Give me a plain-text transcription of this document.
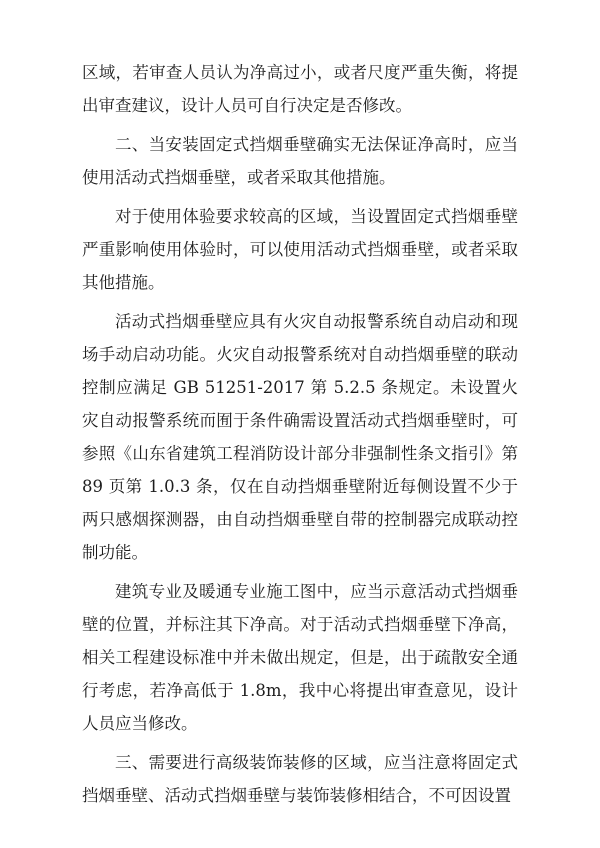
区域，若审查人员认为净高过小，或者尺度严重失衡，将提出审查建议，设计人员可自行决定是否修改。

二、当安装固定式挡烟垂壁确实无法保证净高时，应当使用活动式挡烟垂壁，或者采取其他措施。

对于使用体验要求较高的区域，当设置固定式挡烟垂壁严重影响使用体验时，可以使用活动式挡烟垂壁，或者采取其他措施。

活动式挡烟垂壁应具有火灾自动报警系统自动启动和现场手动启动功能。火灾自动报警系统对自动挡烟垂壁的联动控制应满足 GB 51251-2017 第 5.2.5 条规定。未设置火灾自动报警系统而囿于条件确需设置活动式挡烟垂壁时，可参照《山东省建筑工程消防设计部分非强制性条文指引》第 89 页第 1.0.3 条，仅在自动挡烟垂壁附近每侧设置不少于两只感烟探测器，由自动挡烟垂壁自带的控制器完成联动控制功能。

建筑专业及暖通专业施工图中，应当示意活动式挡烟垂壁的位置，并标注其下净高。对于活动式挡烟垂壁下净高，相关工程建设标准中并未做出规定，但是，出于疏散安全通行考虑，若净高低于 1.8m，我中心将提出审查意见，设计人员应当修改。

三、需要进行高级装饰装修的区域，应当注意将固定式挡烟垂壁、活动式挡烟垂壁与装饰装修相结合，不可因设置
